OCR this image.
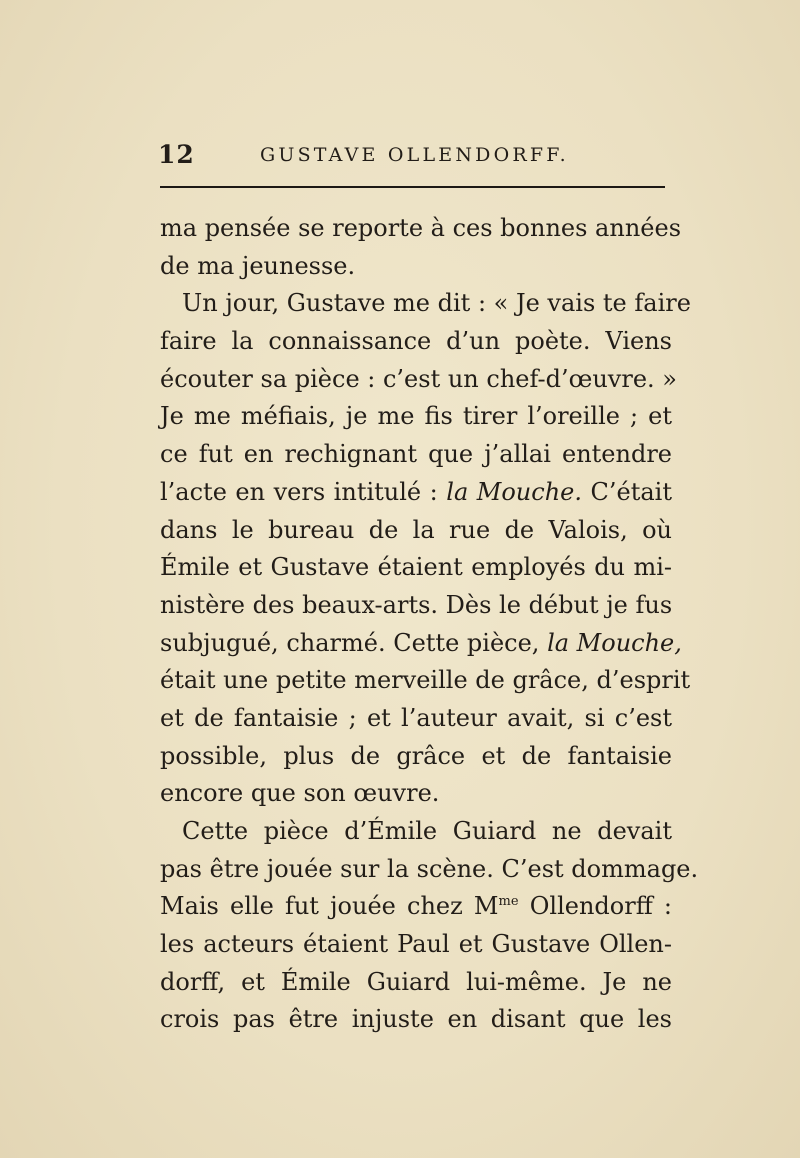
12	GUSTAVE OLLENDORFF.
ma pensée se reporte à ces bonnes années
de ma jeunesse.
Un jour, Gustave me dit : « Je vais te faire
faire la connaissance d’un poète. Viens
écouter sa pièce : c’est un chef-d’œuvre. »
Je me méfiais, je me fis tirer l’oreille ; et
ce fut en rechignant que j’allai entendre
l’acte en vers intitulé : la Mouche. C’était
dans le bureau de la rue de Valois, où
Émile et Gustave étaient employés du mi-
nistère des beaux-arts. Dès le début je fus
subjugué, charmé. Cette pièce, la Mouche,
était une petite merveille de grâce, d’esprit
et de fantaisie ; et l’auteur avait, si c’est
possible, plus de grâce et de fantaisie
encore que son œuvre.
Cette pièce d’Émile Guiard ne devait
pas être jouée sur la scène. C’est dommage.
Mais elle fut jouée chez $M^{me}$ Ollendorff :
les acteurs étaient Paul et Gustave Ollen-
dorff, et Émile Guiard lui-même. Je ne
crois pas être injuste en disant que les
